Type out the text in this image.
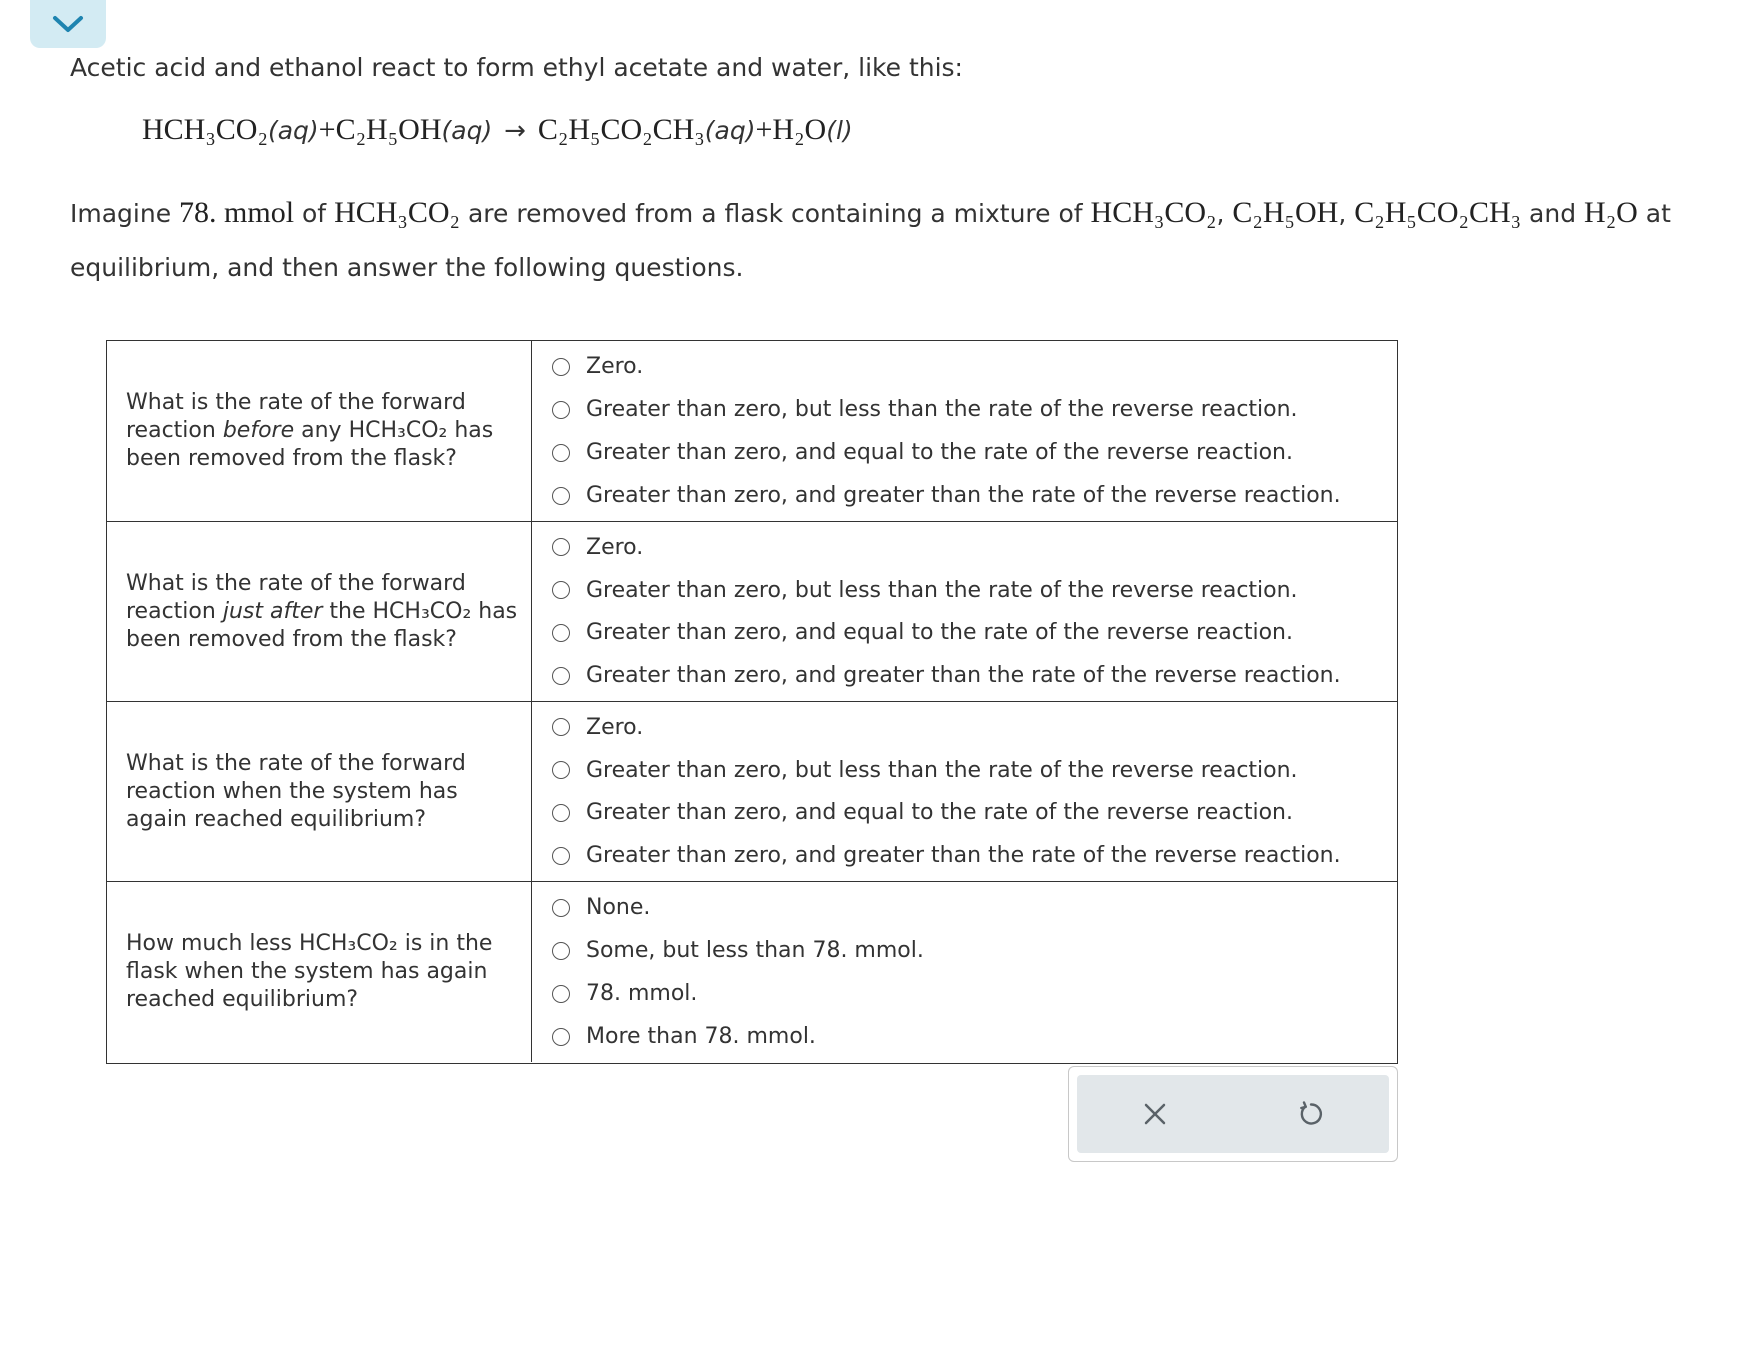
Acetic acid and ethanol react to form ethyl acetate and water, like this:
HCH₃CO₂(aq)+C₂H₅OH(aq) → C₂H₅CO₂CH₃(aq)+H₂O(l)
Imagine 78. mmol of HCH₃CO₂ are removed from a flask containing a mixture of HCH₃CO₂, C₂H₅OH, C₂H₅CO₂CH₃ and H₂O at equilibrium, and then answer the following questions.
What is the rate of the forward reaction before any HCH₃CO₂ has been removed from the flask?
Zero.
Greater than zero, but less than the rate of the reverse reaction.
Greater than zero, and equal to the rate of the reverse reaction.
Greater than zero, and greater than the rate of the reverse reaction.
What is the rate of the forward reaction just after the HCH₃CO₂ has been removed from the flask?
Zero.
Greater than zero, but less than the rate of the reverse reaction.
Greater than zero, and equal to the rate of the reverse reaction.
Greater than zero, and greater than the rate of the reverse reaction.
What is the rate of the forward reaction when the system has again reached equilibrium?
Zero.
Greater than zero, but less than the rate of the reverse reaction.
Greater than zero, and equal to the rate of the reverse reaction.
Greater than zero, and greater than the rate of the reverse reaction.
How much less HCH₃CO₂ is in the flask when the system has again reached equilibrium?
None.
Some, but less than 78. mmol.
78. mmol.
More than 78. mmol.
